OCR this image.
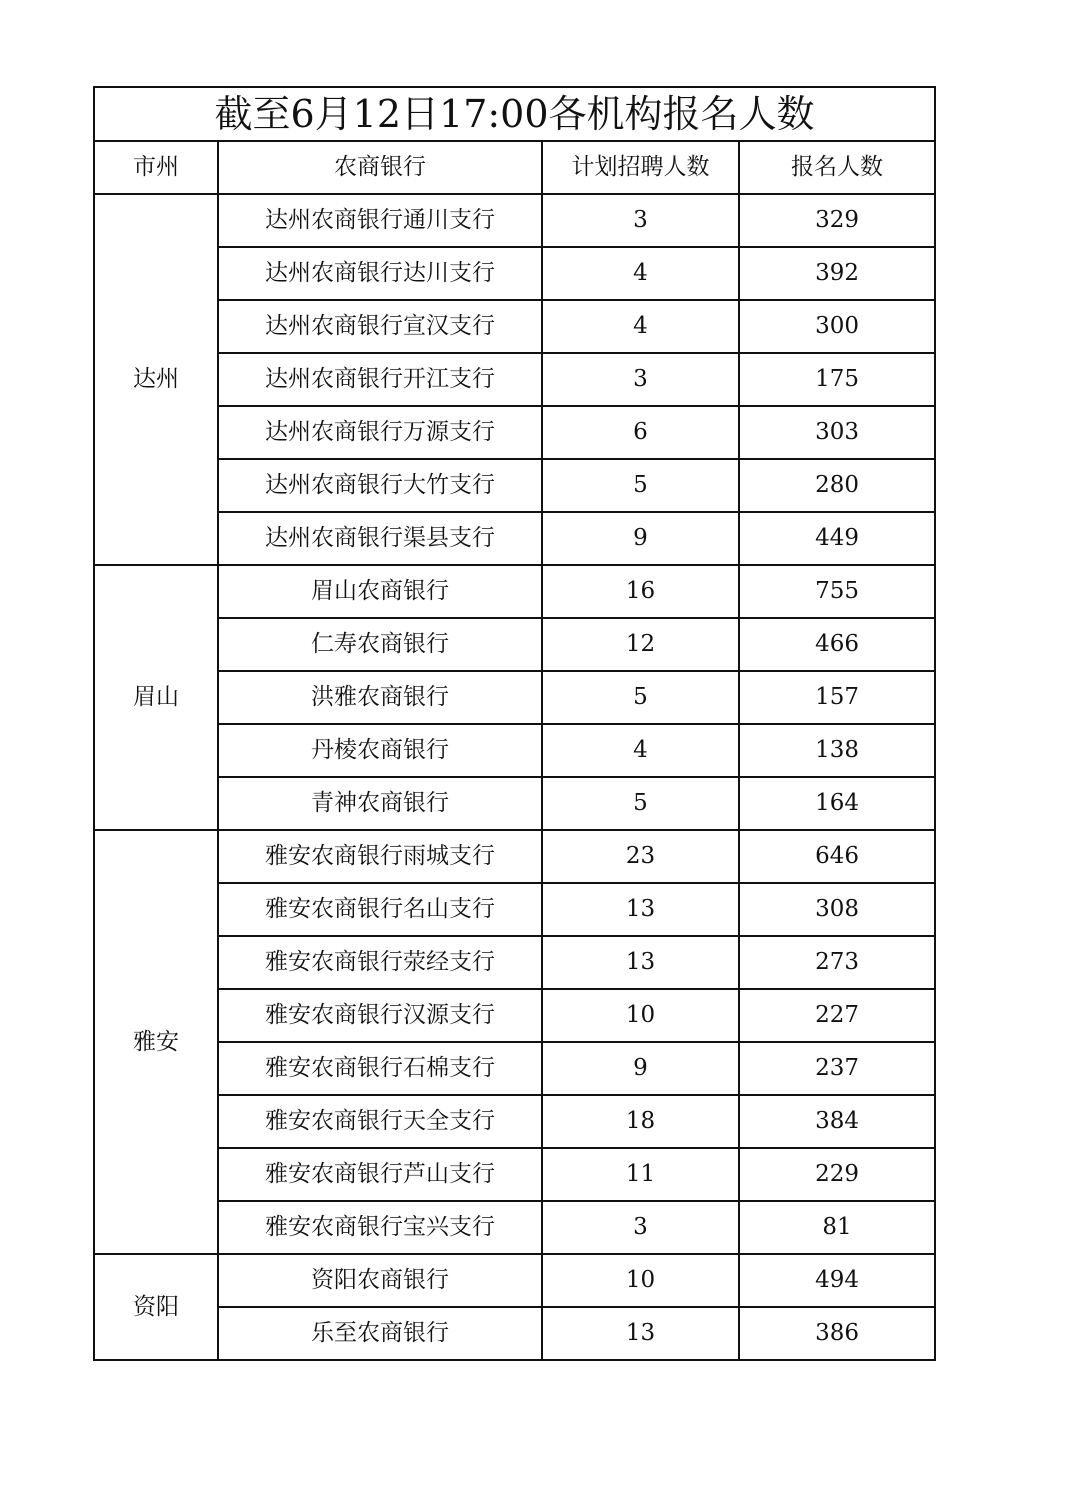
截至6月12日17:00各机构报名人数			
市州	农商银行	计划招聘人数	报名人数
达州	达州农商银行通川支行	3	329
	达州农商银行达川支行	4	392
	达州农商银行宣汉支行	4	300
	达州农商银行开江支行	3	175
	达州农商银行万源支行	6	303
	达州农商银行大竹支行	5	280
	达州农商银行渠县支行	9	449
眉山	眉山农商银行	16	755
	仁寿农商银行	12	466
	洪雅农商银行	5	157
	丹棱农商银行	4	138
	青神农商银行	5	164
雅安	雅安农商银行雨城支行	23	646
	雅安农商银行名山支行	13	308
	雅安农商银行荥经支行	13	273
	雅安农商银行汉源支行	10	227
	雅安农商银行石棉支行	9	237
	雅安农商银行天全支行	18	384
	雅安农商银行芦山支行	11	229
	雅安农商银行宝兴支行	3	81
资阳	资阳农商银行	10	494
	乐至农商银行	13	386
